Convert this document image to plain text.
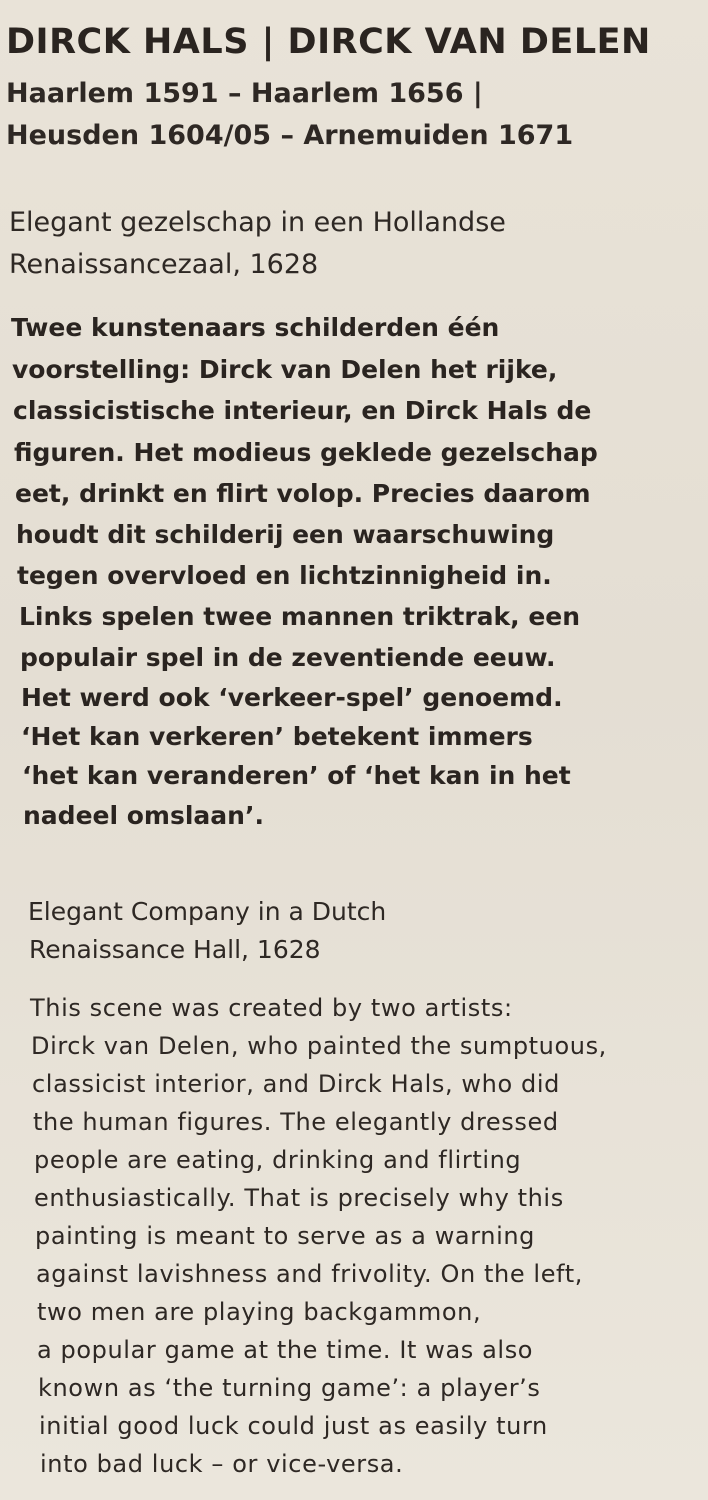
DIRCK HALS | DIRCK VAN DELEN
Haarlem 1591 – Haarlem 1656 |
Heusden 1604/05 – Arnemuiden 1671
Elegant gezelschap in een Hollandse
Renaissancezaal, 1628
Twee kunstenaars schilderden één
voorstelling: Dirck van Delen het rijke,
classicistische interieur, en Dirck Hals de
figuren. Het modieus geklede gezelschap
eet, drinkt en flirt volop. Precies daarom
houdt dit schilderij een waarschuwing
tegen overvloed en lichtzinnigheid in.
Links spelen twee mannen triktrak, een
populair spel in de zeventiende eeuw.
Het werd ook ‘verkeer-spel’ genoemd.
‘Het kan verkeren’ betekent immers
‘het kan veranderen’ of ‘het kan in het
nadeel omslaan’.
Elegant Company in a Dutch
Renaissance Hall, 1628
This scene was created by two artists:
Dirck van Delen, who painted the sumptuous,
classicist interior, and Dirck Hals, who did
the human figures. The elegantly dressed
people are eating, drinking and flirting
enthusiastically. That is precisely why this
painting is meant to serve as a warning
against lavishness and frivolity. On the left,
two men are playing backgammon,
a popular game at the time. It was also
known as ‘the turning game’: a player’s
initial good luck could just as easily turn
into bad luck – or vice-versa.
